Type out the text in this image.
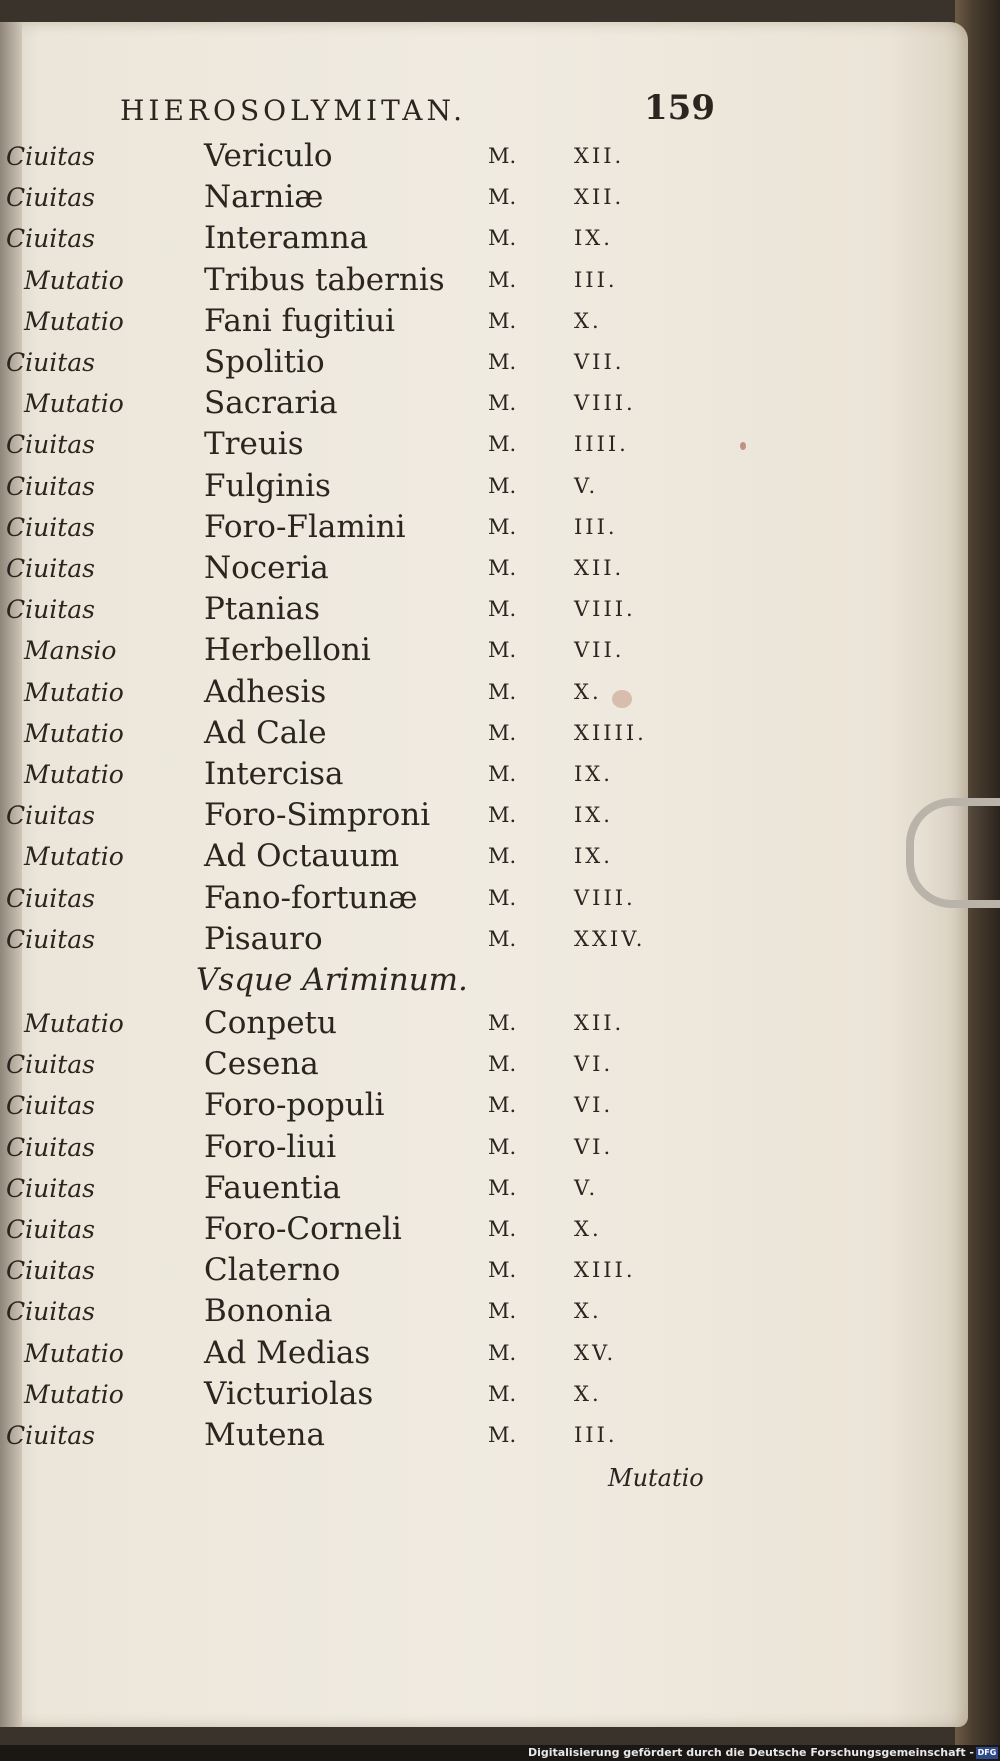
HIEROSOLYMITAN.	159
Ciuitas	Vericulo	M.	XII.
Ciuitas	Narniæ	M.	XII.
Ciuitas	Interamna	M.	IX.
Mutatio	Tribus tabernis M.	III.
Mutatio	Fani fugitiui	M.	X.
Ciuitas	Spolitio	M.	VII.
Mutatio	Sacraria	M.	VIII.
Ciuitas	Treuis	M.	IIII.
Ciuitas	Fulginis	M.	V.
Ciuitas	Foro-Flamini	M.	III.
Ciuitas	Noceria	M.	XII.
Ciuitas	Ptanias	M.	VIII.
Mansio	Herbelloni	M.	VII.
Mutatio	Adhesis	M.	X.
Mutatio	Ad Cale	M.	XIIII.
Mutatio	Intercisa	M.	IX.
Ciuitas	Foro-Simproni	M.	IX.
Mutatio	Ad Octauum	M.	IX.
Ciuitas	Fano-fortunæ	M.	VIII.
Ciuitas	Pisauro	M.	XXIV.
Mutatio	Conpetu	M.	XII.
Ciuitas	Cesena	M.	VI.
Ciuitas	Foro-populi	M.	VI.
Ciuitas	Foro-liui	M.	VI.
Ciuitas	Fauentia	M.	V.
Ciuitas	Foro-Corneli	M.	X.
Ciuitas	Claterno	M.	XIII.
Ciuitas	Bononia	M.	X.
Mutatio	Ad Medias	M.	XV.
Mutatio	Victuriolas	M.	X.
Ciuitas	Mutena	M.	III.
Vsque Ariminum.
Mutatio
Digitalisierung gefördert durch die Deutsche Forschungsgemeinschaft - DFG
